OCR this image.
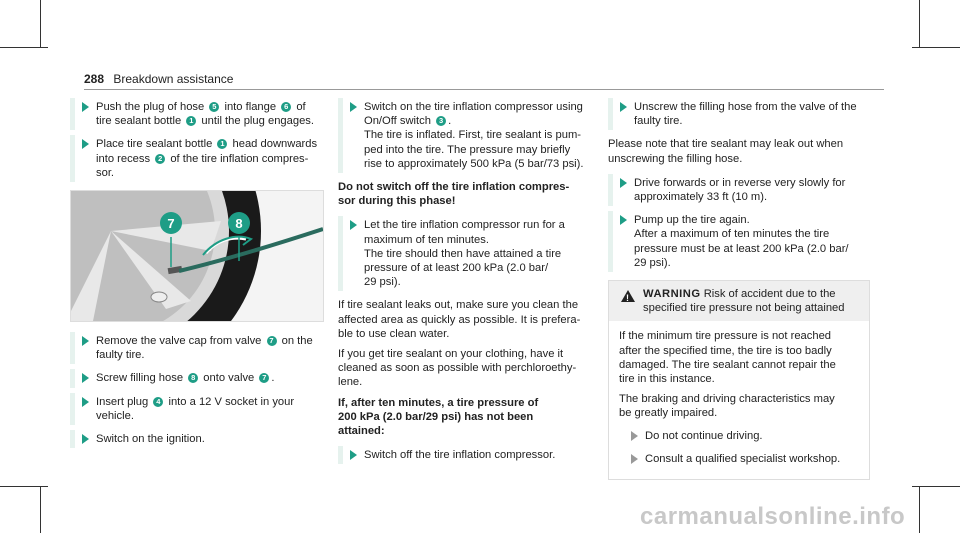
288 Breakdown assistance
Push the plug of hose 5 into flange 6 of
tire sealant bottle 1 until the plug engages.
Place tire sealant bottle 1 head downwards
into recess 2 of the tire inflation compres-
sor.
7	8
Remove the valve cap from valve 7 on the
faulty tire.
Screw filling hose 8 onto valve 7 .
Insert plug 4 into a 12 V socket in your
vehicle.
Switch on the ignition.
Switch on the tire inflation compressor using
On/Off switch 3 .
The tire is inflated. First, tire sealant is pum-
ped into the tire. The pressure may briefly
rise to approximately 500 kPa (5 bar/73 psi).
Do not switch off the tire inflation compres-
sor during this phase!
Let the tire inflation compressor run for a
maximum of ten minutes.
The tire should then have attained a tire
pressure of at least 200 kPa (2.0 bar/
29 psi).
If tire sealant leaks out, make sure you clean the
affected area as quickly as possible. It is prefera-
ble to use clean water.
If you get tire sealant on your clothing, have it
cleaned as soon as possible with perchloroethy-
lene.
If, after ten minutes, a tire pressure of
200 kPa (2.0 bar/29 psi) has not been
attained:
Switch off the tire inflation compressor.
Unscrew the filling hose from the valve of the
faulty tire.
Please note that tire sealant may leak out when
unscrewing the filling hose.
Drive forwards or in reverse very slowly for
approximately 33 ft (10 m).
Pump up the tire again.
After a maximum of ten minutes the tire
pressure must be at least 200 kPa (2.0 bar/
29 psi).
!
WARNING Risk of accident due to the
specified tire pressure not being attained
If the minimum tire pressure is not reached
after the specified time, the tire is too badly
damaged. The tire sealant cannot repair the
tire in this instance.
The braking and driving characteristics may
be greatly impaired.
Do not continue driving.
Consult a qualified specialist workshop.
carmanualsonline.info
